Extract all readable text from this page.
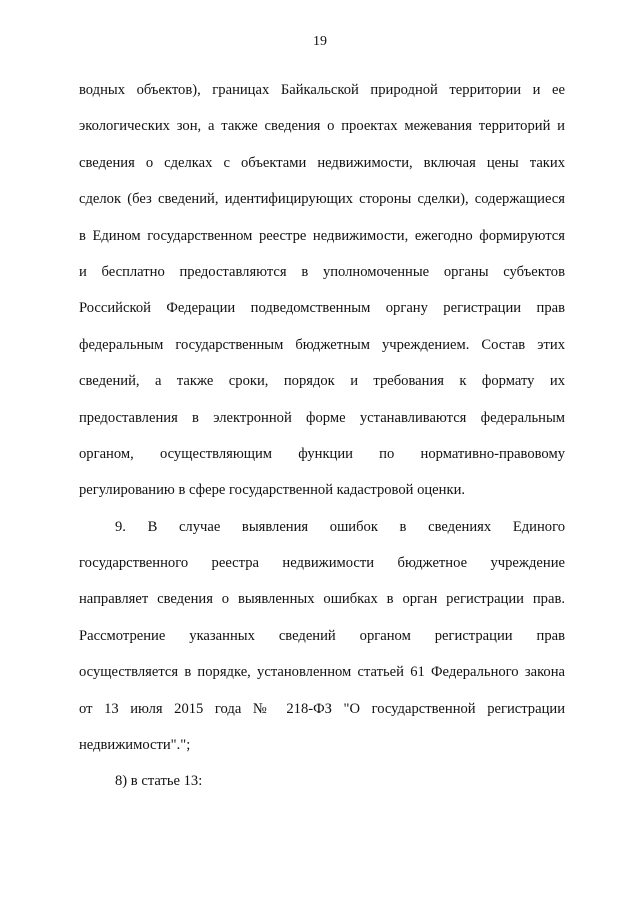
19
водных объектов), границах Байкальской природной территории и ее
экологических зон, а также сведения о проектах межевания территорий и
сведения о сделках с объектами недвижимости, включая цены таких
сделок (без сведений, идентифицирующих стороны сделки), содержащиеся
в Едином государственном реестре недвижимости, ежегодно формируются
и бесплатно предоставляются в уполномоченные органы субъектов
Российской Федерации подведомственным органу регистрации прав
федеральным государственным бюджетным учреждением. Состав этих
сведений, а также сроки, порядок и требования к формату их
предоставления в электронной форме устанавливаются федеральным
органом, осуществляющим функции по нормативно-правовому
регулированию в сфере государственной кадастровой оценки.
9. В случае выявления ошибок в сведениях Единого
государственного реестра недвижимости бюджетное учреждение
направляет сведения о выявленных ошибках в орган регистрации прав.
Рассмотрение указанных сведений органом регистрации прав
осуществляется в порядке, установленном статьей 61 Федерального закона
от 13 июля 2015 года № 218-ФЗ "О государственной регистрации
недвижимости".";
8) в статье 13:
